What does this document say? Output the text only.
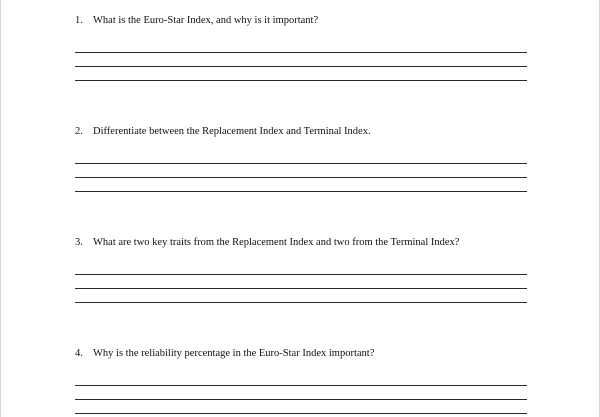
1. What is the Euro-Star Index, and why is it important?

2. Differentiate between the Replacement Index and Terminal Index.

3. What are two key traits from the Replacement Index and two from the Terminal Index?

4. Why is the reliability percentage in the Euro-Star Index important?
